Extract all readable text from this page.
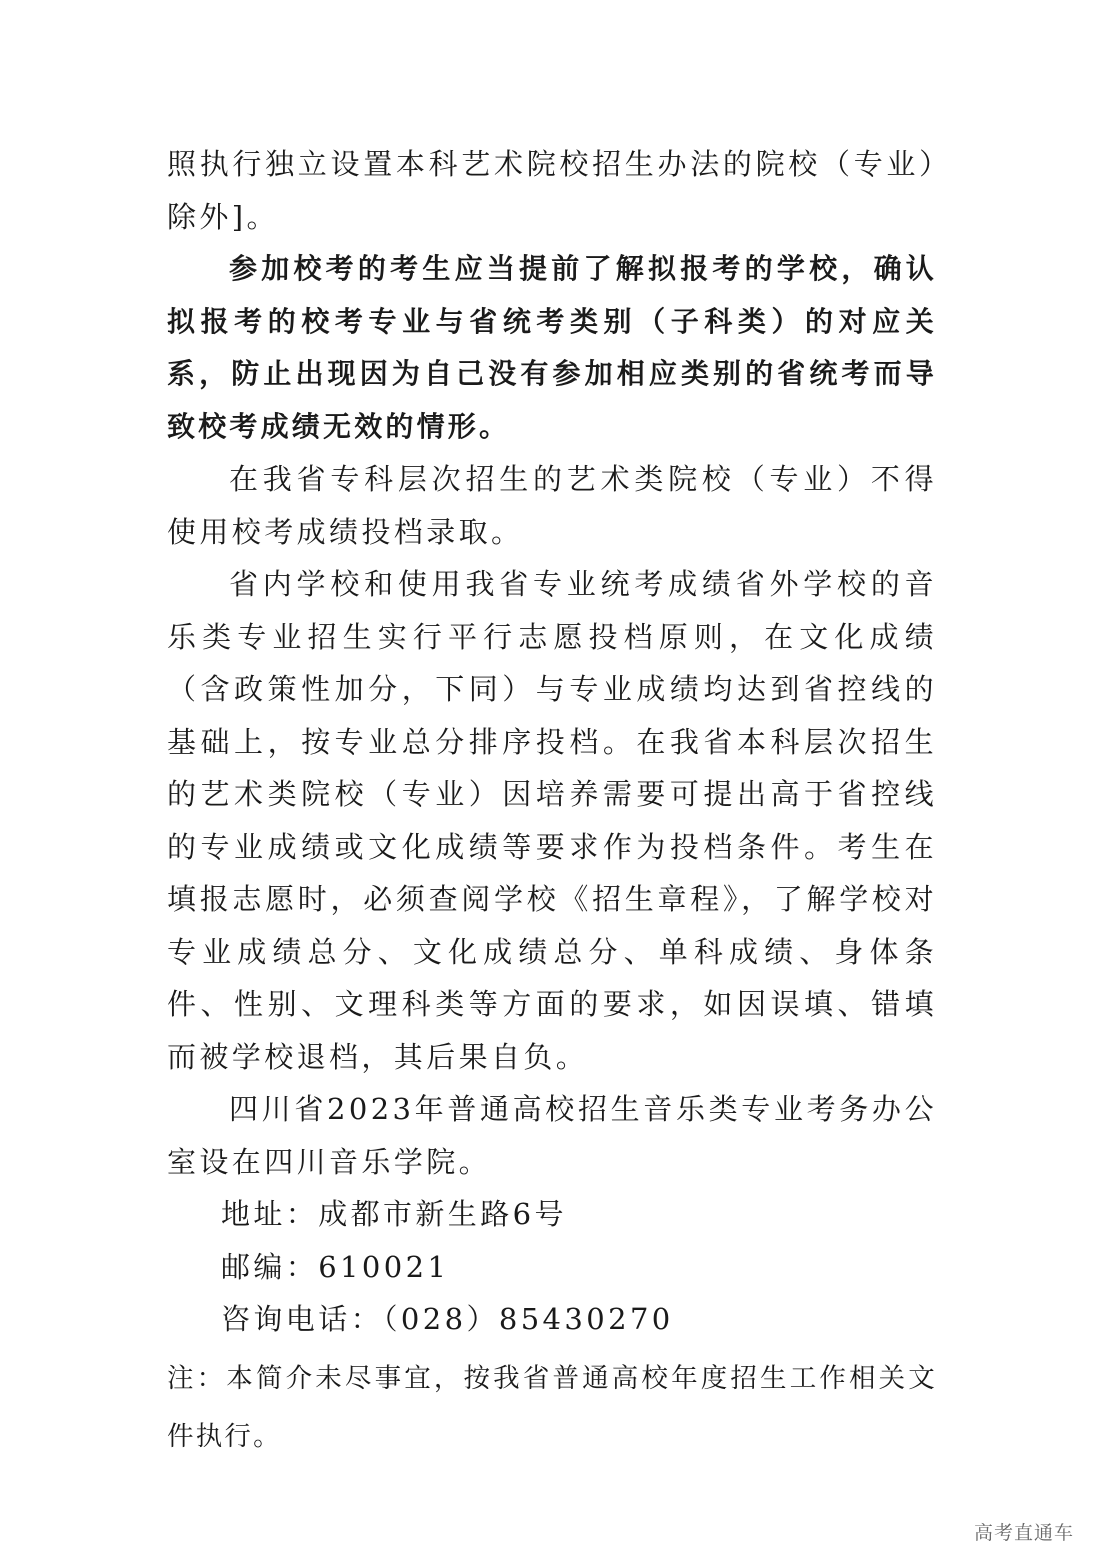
照执行独立设置本科艺术院校招生办法的院校（专业）除外]。

参加校考的考生应当提前了解拟报考的学校，确认拟报考的校考专业与省统考类别（子科类）的对应关系，防止出现因为自己没有参加相应类别的省统考而导致校考成绩无效的情形。

在我省专科层次招生的艺术类院校（专业）不得使用校考成绩投档录取。

省内学校和使用我省专业统考成绩省外学校的音乐类专业招生实行平行志愿投档原则，在文化成绩（含政策性加分，下同）与专业成绩均达到省控线的基础上，按专业总分排序投档。在我省本科层次招生的艺术类院校（专业）因培养需要可提出高于省控线的专业成绩或文化成绩等要求作为投档条件。考生在填报志愿时，必须查阅学校《招生章程》，了解学校对专业成绩总分、文化成绩总分、单科成绩、身体条件、性别、文理科类等方面的要求，如因误填、错填而被学校退档，其后果自负。

四川省2023年普通高校招生音乐类专业考务办公室设在四川音乐学院。

地址：成都市新生路6号

邮编：610021

咨询电话：（028）85430270

注：本简介未尽事宜，按我省普通高校年度招生工作相关文件执行。

高考直通车
